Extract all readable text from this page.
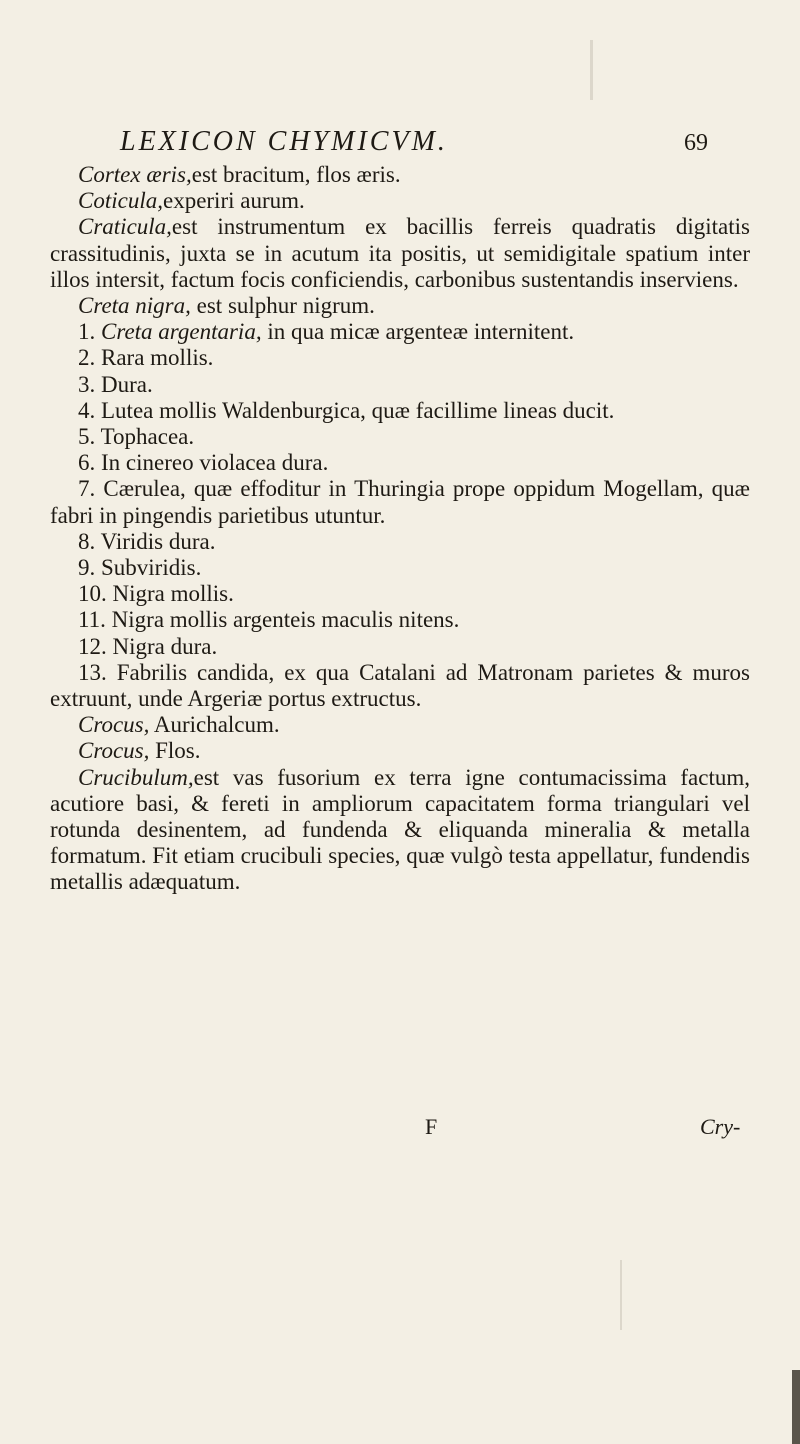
LEXICON CHYMICVM.	69

Cortex æris,est bracitum, flos æris.

Coticula,experiri aurum.

Craticula,est instrumentum ex bacillis ferreis quadratis digitatis crassitudinis, juxta se in acutum ita positis, ut semidigitale spatium inter illos intersit, factum focis conficiendis, carbonibus sustentandis inserviens.

Creta nigra, est sulphur nigrum.

1. Creta argentaria, in qua micæ argenteæ internitent.

2. Rara mollis.

3. Dura.

4. Lutea mollis Waldenburgica, quæ facillime lineas ducit.

5. Tophacea.

6. In cinereo violacea dura.

7. Cærulea, quæ effoditur in Thuringia prope oppidum Mogellam, quæ fabri in pingendis parietibus utuntur.

8. Viridis dura.

9. Subviridis.

10. Nigra mollis.

11. Nigra mollis argenteis maculis nitens.

12. Nigra dura.

13. Fabrilis candida, ex qua Catalani ad Matronam parietes & muros extruunt, unde Argeriæ portus extructus.

Crocus, Aurichalcum.

Crocus, Flos.

Crucibulum,est vas fusorium ex terra igne contumacissima factum, acutiore basi, & fereti in ampliorum capacitatem forma triangulari vel rotunda desinentem, ad fundenda & eliquanda mineralia & metalla formatum. Fit etiam crucibuli species, quæ vulgò testa appellatur, fundendis metallis adæquatum.

F	Cry-
